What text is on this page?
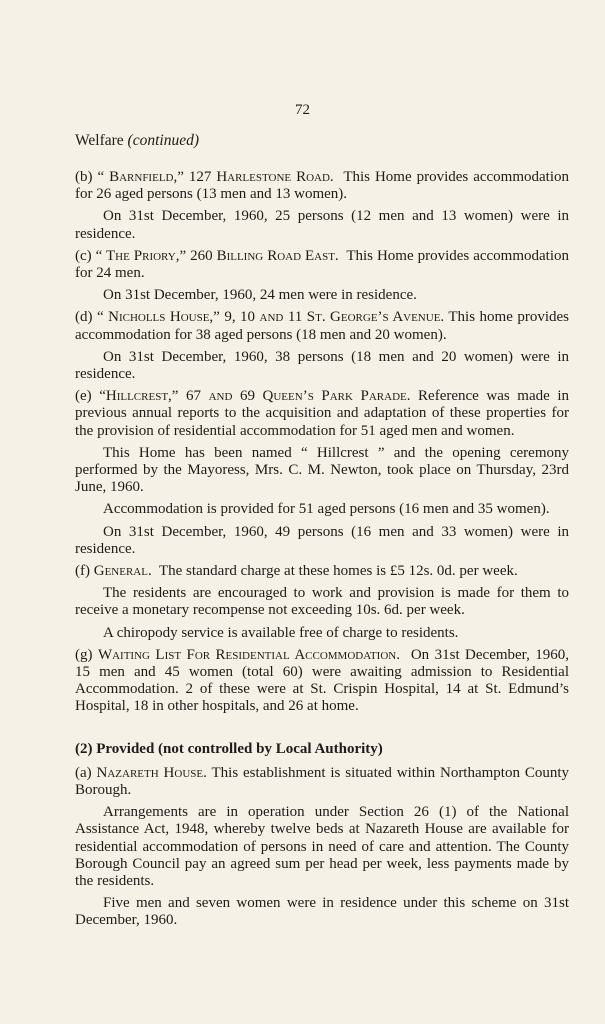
72
Welfare (continued)

(b) “ Barnfield,” 127 Harlestone Road. This Home provides accommodation for 26 aged persons (13 men and 13 women).

On 31st December, 1960, 25 persons (12 men and 13 women) were in residence.

(c) “ The Priory,” 260 Billing Road East. This Home provides accommodation for 24 men.

On 31st December, 1960, 24 men were in residence.

(d) “ Nicholls House,” 9, 10 and 11 St. George’s Avenue. This home provides accommodation for 38 aged persons (18 men and 20 women).

On 31st December, 1960, 38 persons (18 men and 20 women) were in residence.

(e) “Hillcrest,” 67 and 69 Queen’s Park Parade. Reference was made in previous annual reports to the acquisition and adaptation of these properties for the provision of residential accommodation for 51 aged men and women.

This Home has been named “ Hillcrest ” and the opening ceremony performed by the Mayoress, Mrs. C. M. Newton, took place on Thursday, 23rd June, 1960.

Accommodation is provided for 51 aged persons (16 men and 35 women).

On 31st December, 1960, 49 persons (16 men and 33 women) were in residence.

(f) General. The standard charge at these homes is £5 12s. 0d. per week.

The residents are encouraged to work and provision is made for them to receive a monetary recompense not exceeding 10s. 6d. per week.

A chiropody service is available free of charge to residents.

(g) Waiting List For Residential Accommodation. On 31st December, 1960, 15 men and 45 women (total 60) were awaiting admission to Residential Accommodation. 2 of these were at St. Crispin Hospital, 14 at St. Edmund’s Hospital, 18 in other hospitals, and 26 at home.

(2) Provided (not controlled by Local Authority)

(a) Nazareth House. This establishment is situated within Northampton County Borough.

Arrangements are in operation under Section 26 (1) of the National Assistance Act, 1948, whereby twelve beds at Nazareth House are available for residential accommodation of persons in need of care and attention. The County Borough Council pay an agreed sum per head per week, less payments made by the residents.

Five men and seven women were in residence under this scheme on 31st December, 1960.
